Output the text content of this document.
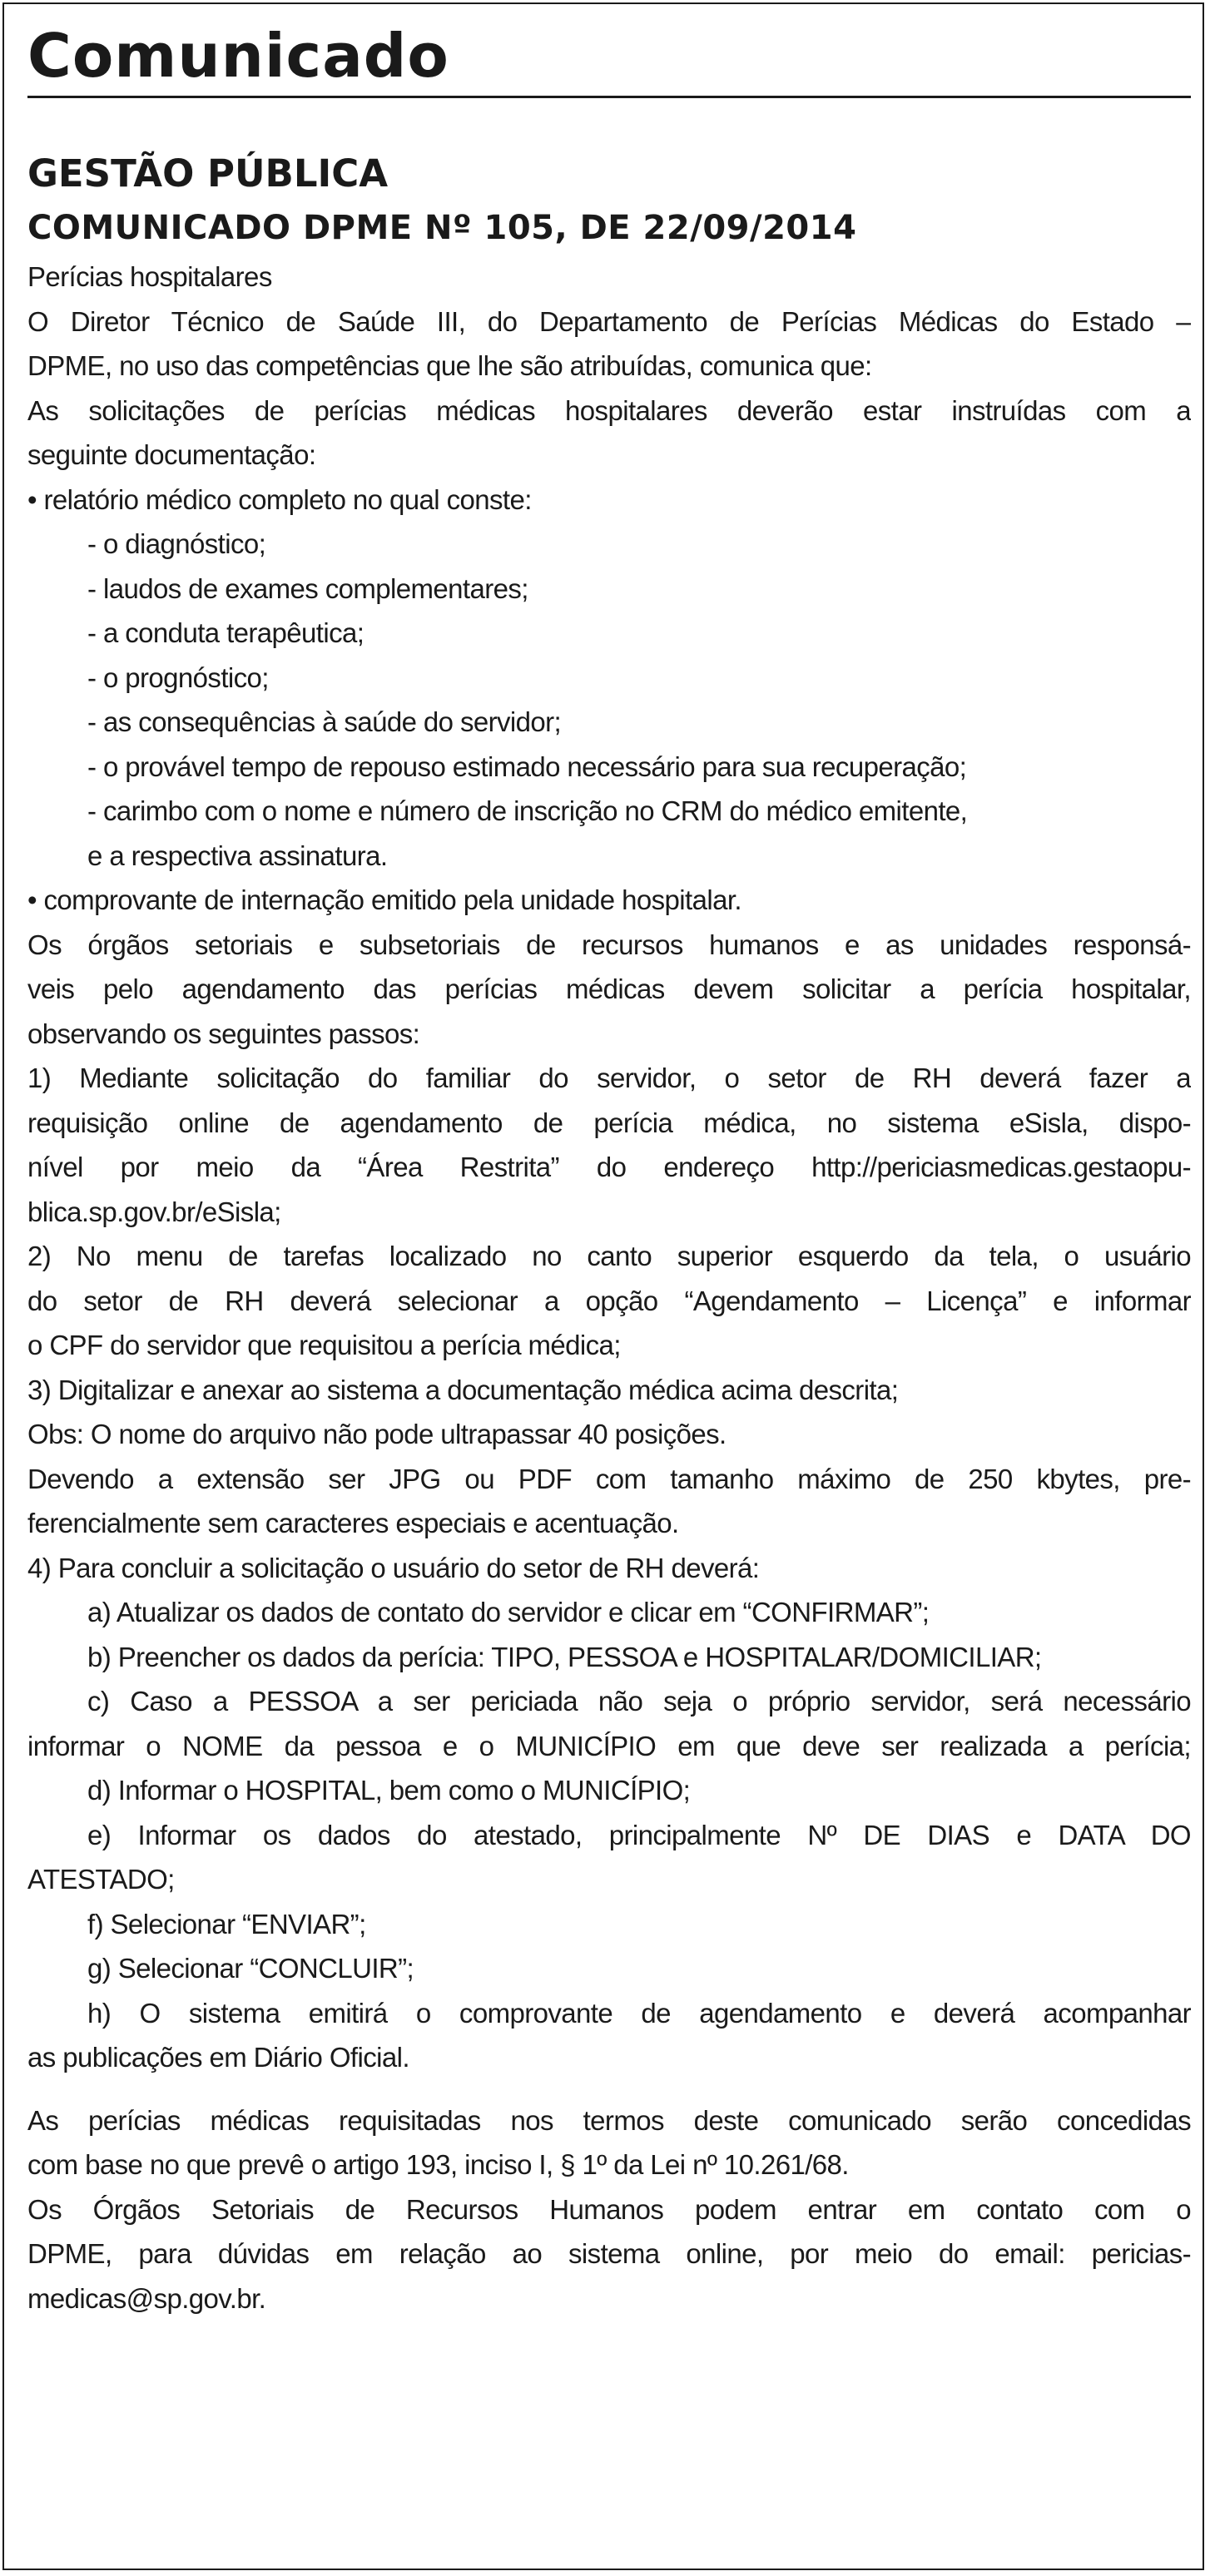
Comunicado
GESTÃO PÚBLICA
COMUNICADO DPME Nº 105, DE 22/09/2014
Perícias hospitalares
O Diretor Técnico de Saúde III, do Departamento de Perícias Médicas do Estado –
DPME, no uso das competências que lhe são atribuídas, comunica que:
As solicitações de perícias médicas hospitalares deverão estar instruídas com a
seguinte documentação:
• relatório médico completo no qual conste:
- o diagnóstico;
- laudos de exames complementares;
- a conduta terapêutica;
- o prognóstico;
- as consequências à saúde do servidor;
- o provável tempo de repouso estimado necessário para sua recuperação;
- carimbo com o nome e número de inscrição no CRM do médico emitente,
e a respectiva assinatura.
• comprovante de internação emitido pela unidade hospitalar.
Os órgãos setoriais e subsetoriais de recursos humanos e as unidades responsá-
veis pelo agendamento das perícias médicas devem solicitar a perícia hospitalar,
observando os seguintes passos:
1) Mediante solicitação do familiar do servidor, o setor de RH deverá fazer a
requisição online de agendamento de perícia médica, no sistema eSisla, dispo-
nível por meio da “Área Restrita” do endereço http://periciasmedicas.gestaopu-
blica.sp.gov.br/eSisla;
2) No menu de tarefas localizado no canto superior esquerdo da tela, o usuário
do setor de RH deverá selecionar a opção “Agendamento – Licença” e informar
o CPF do servidor que requisitou a perícia médica;
3) Digitalizar e anexar ao sistema a documentação médica acima descrita;
Obs: O nome do arquivo não pode ultrapassar 40 posições.
Devendo a extensão ser JPG ou PDF com tamanho máximo de 250 kbytes, pre-
ferencialmente sem caracteres especiais e acentuação.
4) Para concluir a solicitação o usuário do setor de RH deverá:
a) Atualizar os dados de contato do servidor e clicar em “CONFIRMAR”;
b) Preencher os dados da perícia: TIPO, PESSOA e HOSPITALAR/DOMICILIAR;
c) Caso a PESSOA a ser periciada não seja o próprio servidor, será necessário
informar o NOME da pessoa e o MUNICÍPIO em que deve ser realizada a perícia;
d) Informar o HOSPITAL, bem como o MUNICÍPIO;
e) Informar os dados do atestado, principalmente Nº DE DIAS e DATA DO
ATESTADO;
f) Selecionar “ENVIAR”;
g) Selecionar “CONCLUIR”;
h) O sistema emitirá o comprovante de agendamento e deverá acompanhar
as publicações em Diário Oficial.
As perícias médicas requisitadas nos termos deste comunicado serão concedidas
com base no que prevê o artigo 193, inciso I, § 1º da Lei nº 10.261/68.
Os Órgãos Setoriais de Recursos Humanos podem entrar em contato com o
DPME, para dúvidas em relação ao sistema online, por meio do email: pericias-
medicas@sp.gov.br.
